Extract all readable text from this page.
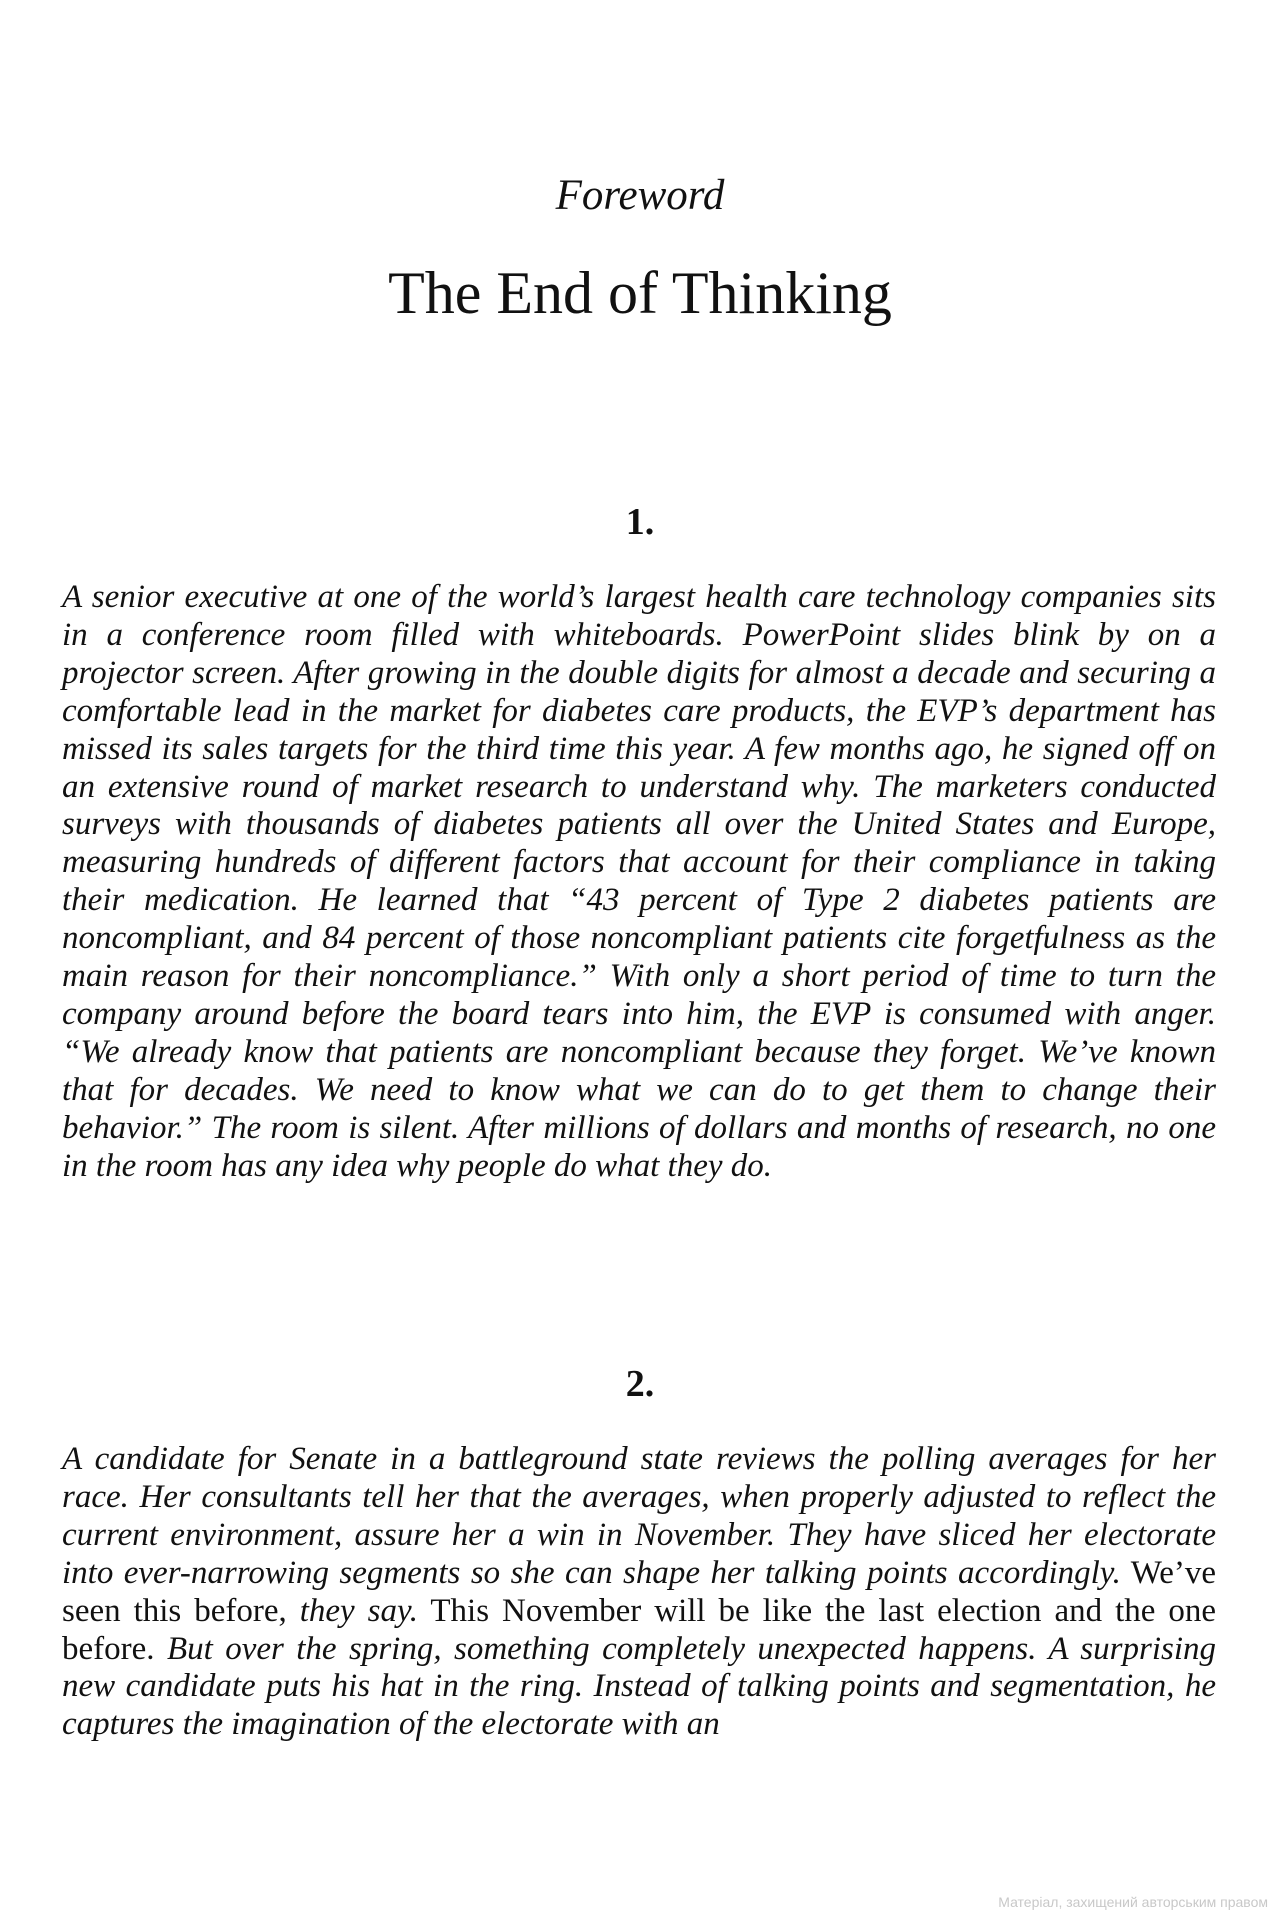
Foreword
The End of Thinking
1.

A senior executive at one of the world’s largest health care technology companies sits in a conference room filled with whiteboards. PowerPoint slides blink by on a projector screen. After growing in the double digits for almost a decade and securing a comfortable lead in the market for diabetes care products, the EVP’s department has missed its sales targets for the third time this year. A few months ago, he signed off on an extensive round of market research to understand why. The marketers conducted surveys with thousands of diabetes patients all over the United States and Europe, measuring hundreds of different factors that account for their compliance in taking their medication. He learned that “43 percent of Type 2 diabetes patients are noncompliant, and 84 percent of those noncompliant patients cite forgetfulness as the main reason for their noncompliance.” With only a short period of time to turn the company around before the board tears into him, the EVP is consumed with anger. “We already know that patients are noncompliant because they forget. We’ve known that for decades. We need to know what we can do to get them to change their behavior.” The room is silent. After millions of dollars and months of research, no one in the room has any idea why people do what they do.

2.

A candidate for Senate in a battleground state reviews the polling averages for her race. Her consultants tell her that the averages, when properly adjusted to reflect the current environment, assure her a win in November. They have sliced her electorate into ever-narrowing segments so she can shape her talking points accordingly. We’ve seen this before, they say. This November will be like the last election and the one before. But over the spring, something completely unexpected happens. A surprising new candidate puts his hat in the ring. Instead of talking points and segmentation, he captures the imagination of the electorate with an

Матеріал, захищений авторським правом
